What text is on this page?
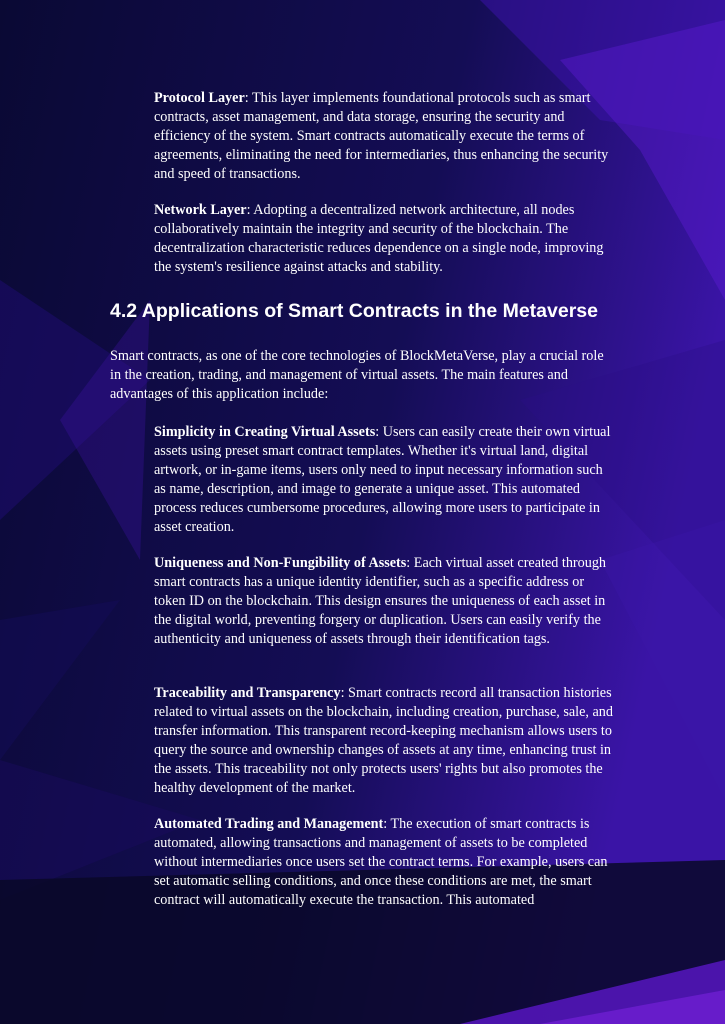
Protocol Layer: This layer implements foundational protocols such as smart contracts, asset management, and data storage, ensuring the security and efficiency of the system. Smart contracts automatically execute the terms of agreements, eliminating the need for intermediaries, thus enhancing the security and speed of transactions.

Network Layer: Adopting a decentralized network architecture, all nodes collaboratively maintain the integrity and security of the blockchain. The decentralization characteristic reduces dependence on a single node, improving the system's resilience against attacks and stability.

4.2 Applications of Smart Contracts in the Metaverse

Smart contracts, as one of the core technologies of BlockMetaVerse, play a crucial role in the creation, trading, and management of virtual assets. The main features and advantages of this application include:

Simplicity in Creating Virtual Assets: Users can easily create their own virtual assets using preset smart contract templates. Whether it's virtual land, digital artwork, or in-game items, users only need to input necessary information such as name, description, and image to generate a unique asset. This automated process reduces cumbersome procedures, allowing more users to participate in asset creation.

Uniqueness and Non-Fungibility of Assets: Each virtual asset created through smart contracts has a unique identity identifier, such as a specific address or token ID on the blockchain. This design ensures the uniqueness of each asset in the digital world, preventing forgery or duplication. Users can easily verify the authenticity and uniqueness of assets through their identification tags.

Traceability and Transparency: Smart contracts record all transaction histories related to virtual assets on the blockchain, including creation, purchase, sale, and transfer information. This transparent record-keeping mechanism allows users to query the source and ownership changes of assets at any time, enhancing trust in the assets. This traceability not only protects users' rights but also promotes the healthy development of the market.

Automated Trading and Management: The execution of smart contracts is automated, allowing transactions and management of assets to be completed without intermediaries once users set the contract terms. For example, users can set automatic selling conditions, and once these conditions are met, the smart contract will automatically execute the transaction. This automated
